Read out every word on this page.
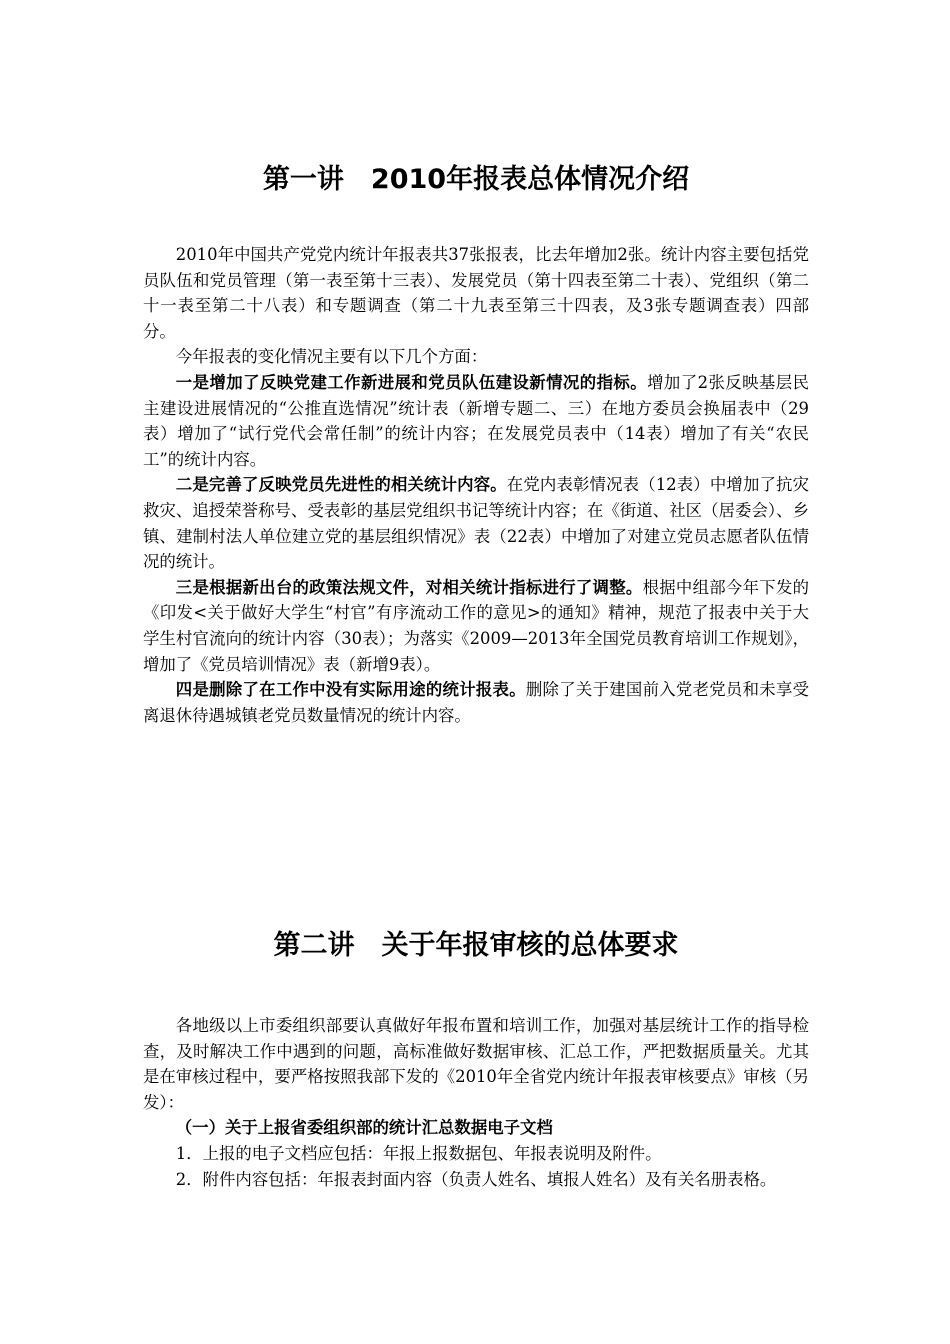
第一讲　2010年报表总体情况介绍

2010年中国共产党党内统计年报表共37张报表，比去年增加2张。统计内容主要包括党员队伍和党员管理（第一表至第十三表）、发展党员（第十四表至第二十表）、党组织（第二十一表至第二十八表）和专题调查（第二十九表至第三十四表，及3张专题调查表）四部分。

今年报表的变化情况主要有以下几个方面：

一是增加了反映党建工作新进展和党员队伍建设新情况的指标。增加了2张反映基层民主建设进展情况的“公推直选情况”统计表（新增专题二、三）在地方委员会换届表中（29表）增加了“试行党代会常任制”的统计内容；在发展党员表中（14表）增加了有关“农民工”的统计内容。

二是完善了反映党员先进性的相关统计内容。在党内表彰情况表（12表）中增加了抗灾救灾、追授荣誉称号、受表彰的基层党组织书记等统计内容；在《街道、社区（居委会）、乡镇、建制村法人单位建立党的基层组织情况》表（22表）中增加了对建立党员志愿者队伍情况的统计。

三是根据新出台的政策法规文件，对相关统计指标进行了调整。根据中组部今年下发的《印发<关于做好大学生“村官”有序流动工作的意见>的通知》精神，规范了报表中关于大学生村官流向的统计内容（30表）；为落实《2009—2013年全国党员教育培训工作规划》，增加了《党员培训情况》表（新增9表）。

四是删除了在工作中没有实际用途的统计报表。删除了关于建国前入党老党员和未享受离退休待遇城镇老党员数量情况的统计内容。

第二讲　关于年报审核的总体要求

各地级以上市委组织部要认真做好年报布置和培训工作，加强对基层统计工作的指导检查，及时解决工作中遇到的问题，高标准做好数据审核、汇总工作，严把数据质量关。尤其是在审核过程中，要严格按照我部下发的《2010年全省党内统计年报表审核要点》审核（另发）：

（一）关于上报省委组织部的统计汇总数据电子文档

1．上报的电子文档应包括：年报上报数据包、年报表说明及附件。

2．附件内容包括：年报表封面内容（负责人姓名、填报人姓名）及有关名册表格。
